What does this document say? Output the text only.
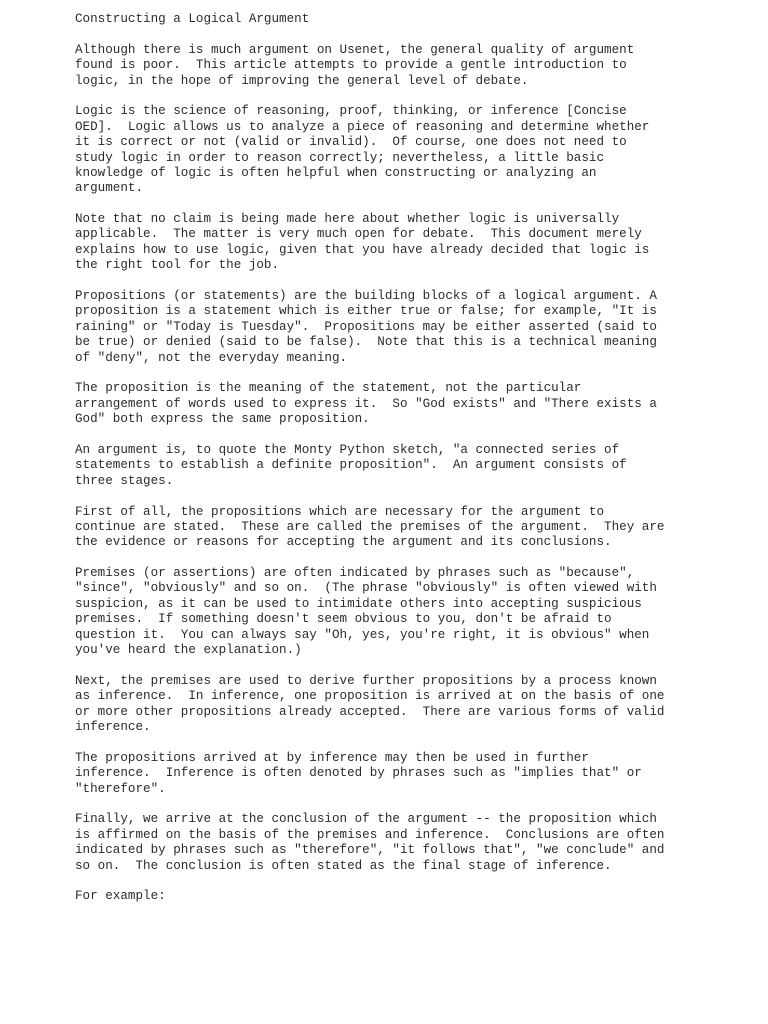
Constructing a Logical Argument
Although there is much argument on Usenet, the general quality of argument
found is poor.  This article attempts to provide a gentle introduction to
logic, in the hope of improving the general level of debate.
Logic is the science of reasoning, proof, thinking, or inference [Concise
OED].  Logic allows us to analyze a piece of reasoning and determine whether
it is correct or not (valid or invalid).  Of course, one does not need to
study logic in order to reason correctly; nevertheless, a little basic
knowledge of logic is often helpful when constructing or analyzing an
argument.
Note that no claim is being made here about whether logic is universally
applicable.  The matter is very much open for debate.  This document merely
explains how to use logic, given that you have already decided that logic is
the right tool for the job.
Propositions (or statements) are the building blocks of a logical argument. A
proposition is a statement which is either true or false; for example, "It is
raining" or "Today is Tuesday".  Propositions may be either asserted (said to
be true) or denied (said to be false).  Note that this is a technical meaning
of "deny", not the everyday meaning.
The proposition is the meaning of the statement, not the particular
arrangement of words used to express it.  So "God exists" and "There exists a
God" both express the same proposition.
An argument is, to quote the Monty Python sketch, "a connected series of
statements to establish a definite proposition".  An argument consists of
three stages.
First of all, the propositions which are necessary for the argument to
continue are stated.  These are called the premises of the argument.  They are
the evidence or reasons for accepting the argument and its conclusions.
Premises (or assertions) are often indicated by phrases such as "because",
"since", "obviously" and so on.  (The phrase "obviously" is often viewed with
suspicion, as it can be used to intimidate others into accepting suspicious
premises.  If something doesn't seem obvious to you, don't be afraid to
question it.  You can always say "Oh, yes, you're right, it is obvious" when
you've heard the explanation.)
Next, the premises are used to derive further propositions by a process known
as inference.  In inference, one proposition is arrived at on the basis of one
or more other propositions already accepted.  There are various forms of valid
inference.
The propositions arrived at by inference may then be used in further
inference.  Inference is often denoted by phrases such as "implies that" or
"therefore".
Finally, we arrive at the conclusion of the argument -- the proposition which
is affirmed on the basis of the premises and inference.  Conclusions are often
indicated by phrases such as "therefore", "it follows that", "we conclude" and
so on.  The conclusion is often stated as the final stage of inference.
For example:
